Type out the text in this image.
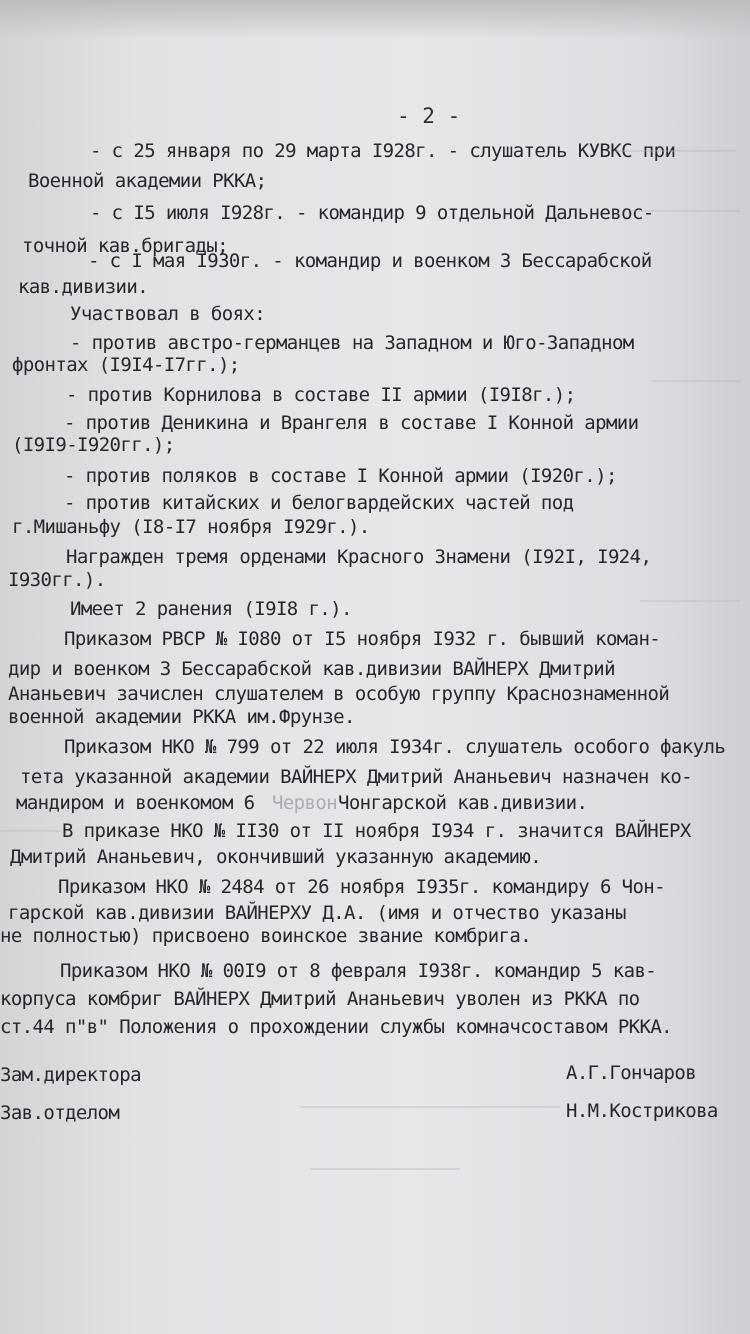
- 2 -
- с 25 января по 29 марта I928г. - слушатель КУВКС при
Военной академии РККА;
- с I5 июля I928г. - командир 9 отдельной Дальневос-
точной кав.бригады;
- с I мая I930г. - командир и военком 3 Бессарабской
кав.дивизии.
Участвовал в боях:
- против австро-германцев на Западном и Юго-Западном
фронтах (I9I4-I7гг.);
- против Корнилова в составе II армии (I9I8г.);
- против Деникина и Врангеля в составе I Конной армии
(I9I9-I920гг.);
- против поляков в составе I Конной армии (I920г.);
- против китайских и белогвардейских частей под
г.Мишаньфу (I8-I7 ноября I929г.).
Награжден тремя орденами Красного Знамени (I92I, I924,
I930гг.).
Имеет 2 ранения (I9I8 г.).
Приказом РВСР № I080 от I5 ноября I932 г. бывший коман-
дир и военком 3 Бессарабской кав.дивизии ВАЙНЕРХ Дмитрий
Ананьевич зачислен слушателем в особую группу Краснознаменной
военной академии РККА им.Фрунзе.
Приказом НКО № 799 от 22 июля I934г. слушатель особого факуль
тета указанной академии ВАЙНЕРХ Дмитрий Ананьевич назначен ко-
мандиром и военкомом 6 Червон Чонгарской кав.дивизии.
В приказе НКО № II30 от II ноября I934 г. значится ВАЙНЕРХ
Дмитрий Ананьевич, окончивший указанную академию.
Приказом НКО № 2484 от 26 ноября I935г. командиру 6 Чон-
гарской кав.дивизии ВАЙНЕРХУ Д.А. (имя и отчество указаны
не полностью) присвоено воинское звание комбрига.
Приказом НКО № 00I9 от 8 февраля I938г. командир 5 кав-
корпуса комбриг ВАЙНЕРХ Дмитрий Ананьевич уволен из РККА по
ст.44 п"в" Положения о прохождении службы комначсоставом РККА.
Зам.директора	А.Г.Гончаров
Зав.отделом	Н.М.Кострикова
